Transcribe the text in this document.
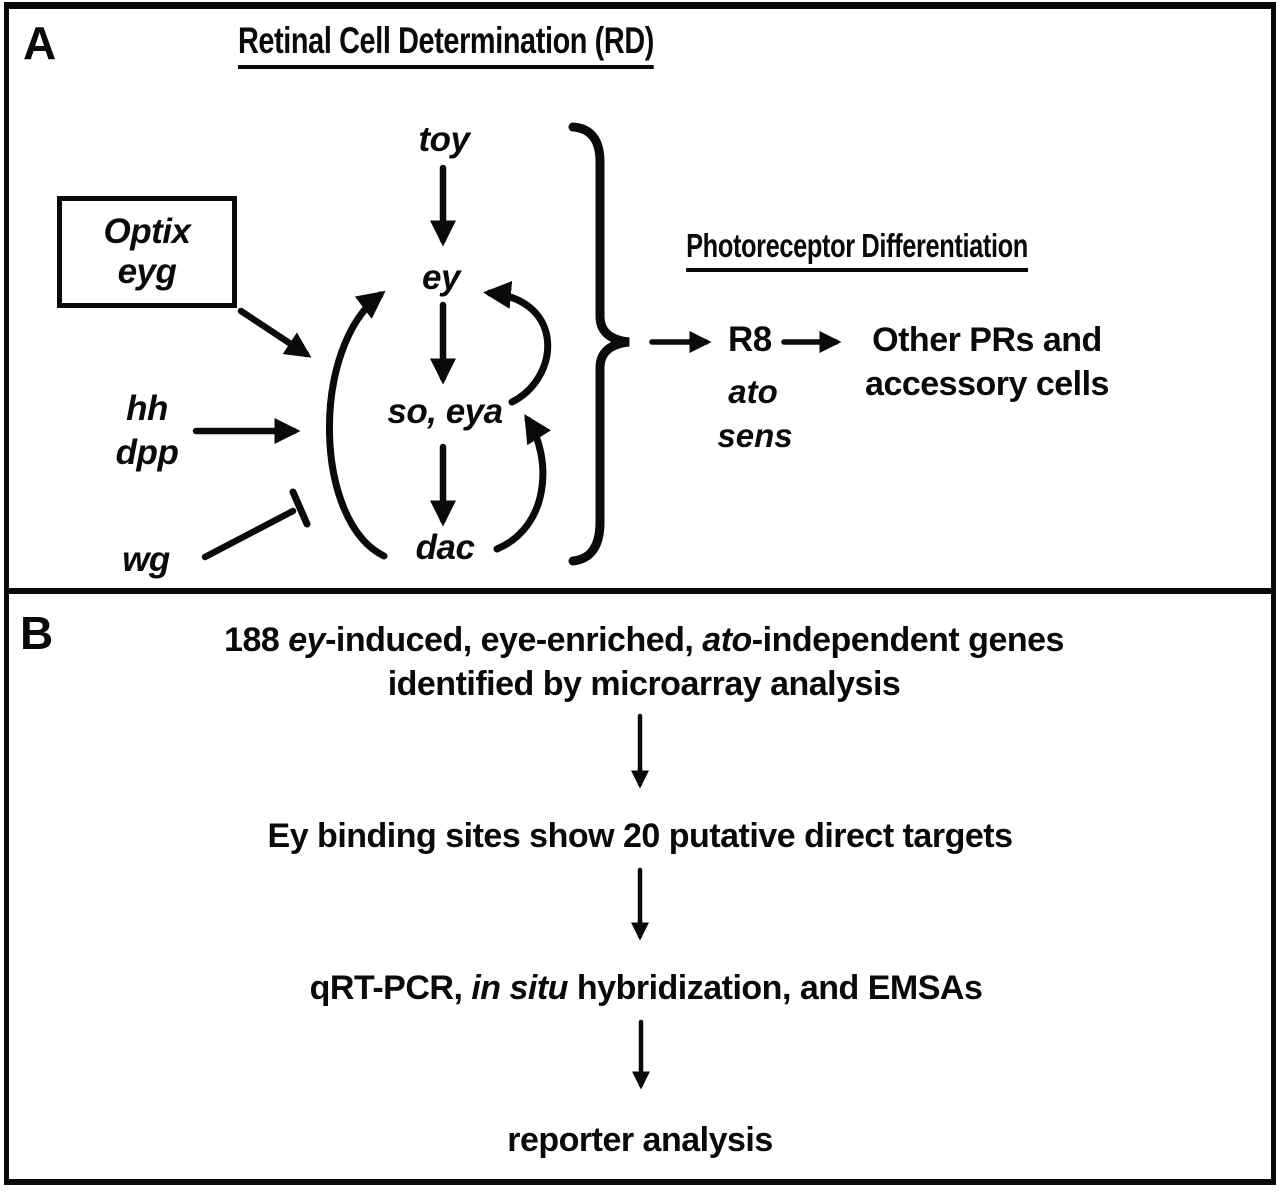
A	Retinal Cell Determination (RD)
Optix
eyg
toy
ey
so, eya
dac
hh
dpp
wg
Photoreceptor Differentiation
R8
ato
sens
Other PRs and
accessory cells
B	188 ey-induced, eye-enriched, ato-independent genes
identified by microarray analysis
Ey binding sites show 20 putative direct targets
qRT-PCR, in situ hybridization, and EMSAs
reporter analysis
